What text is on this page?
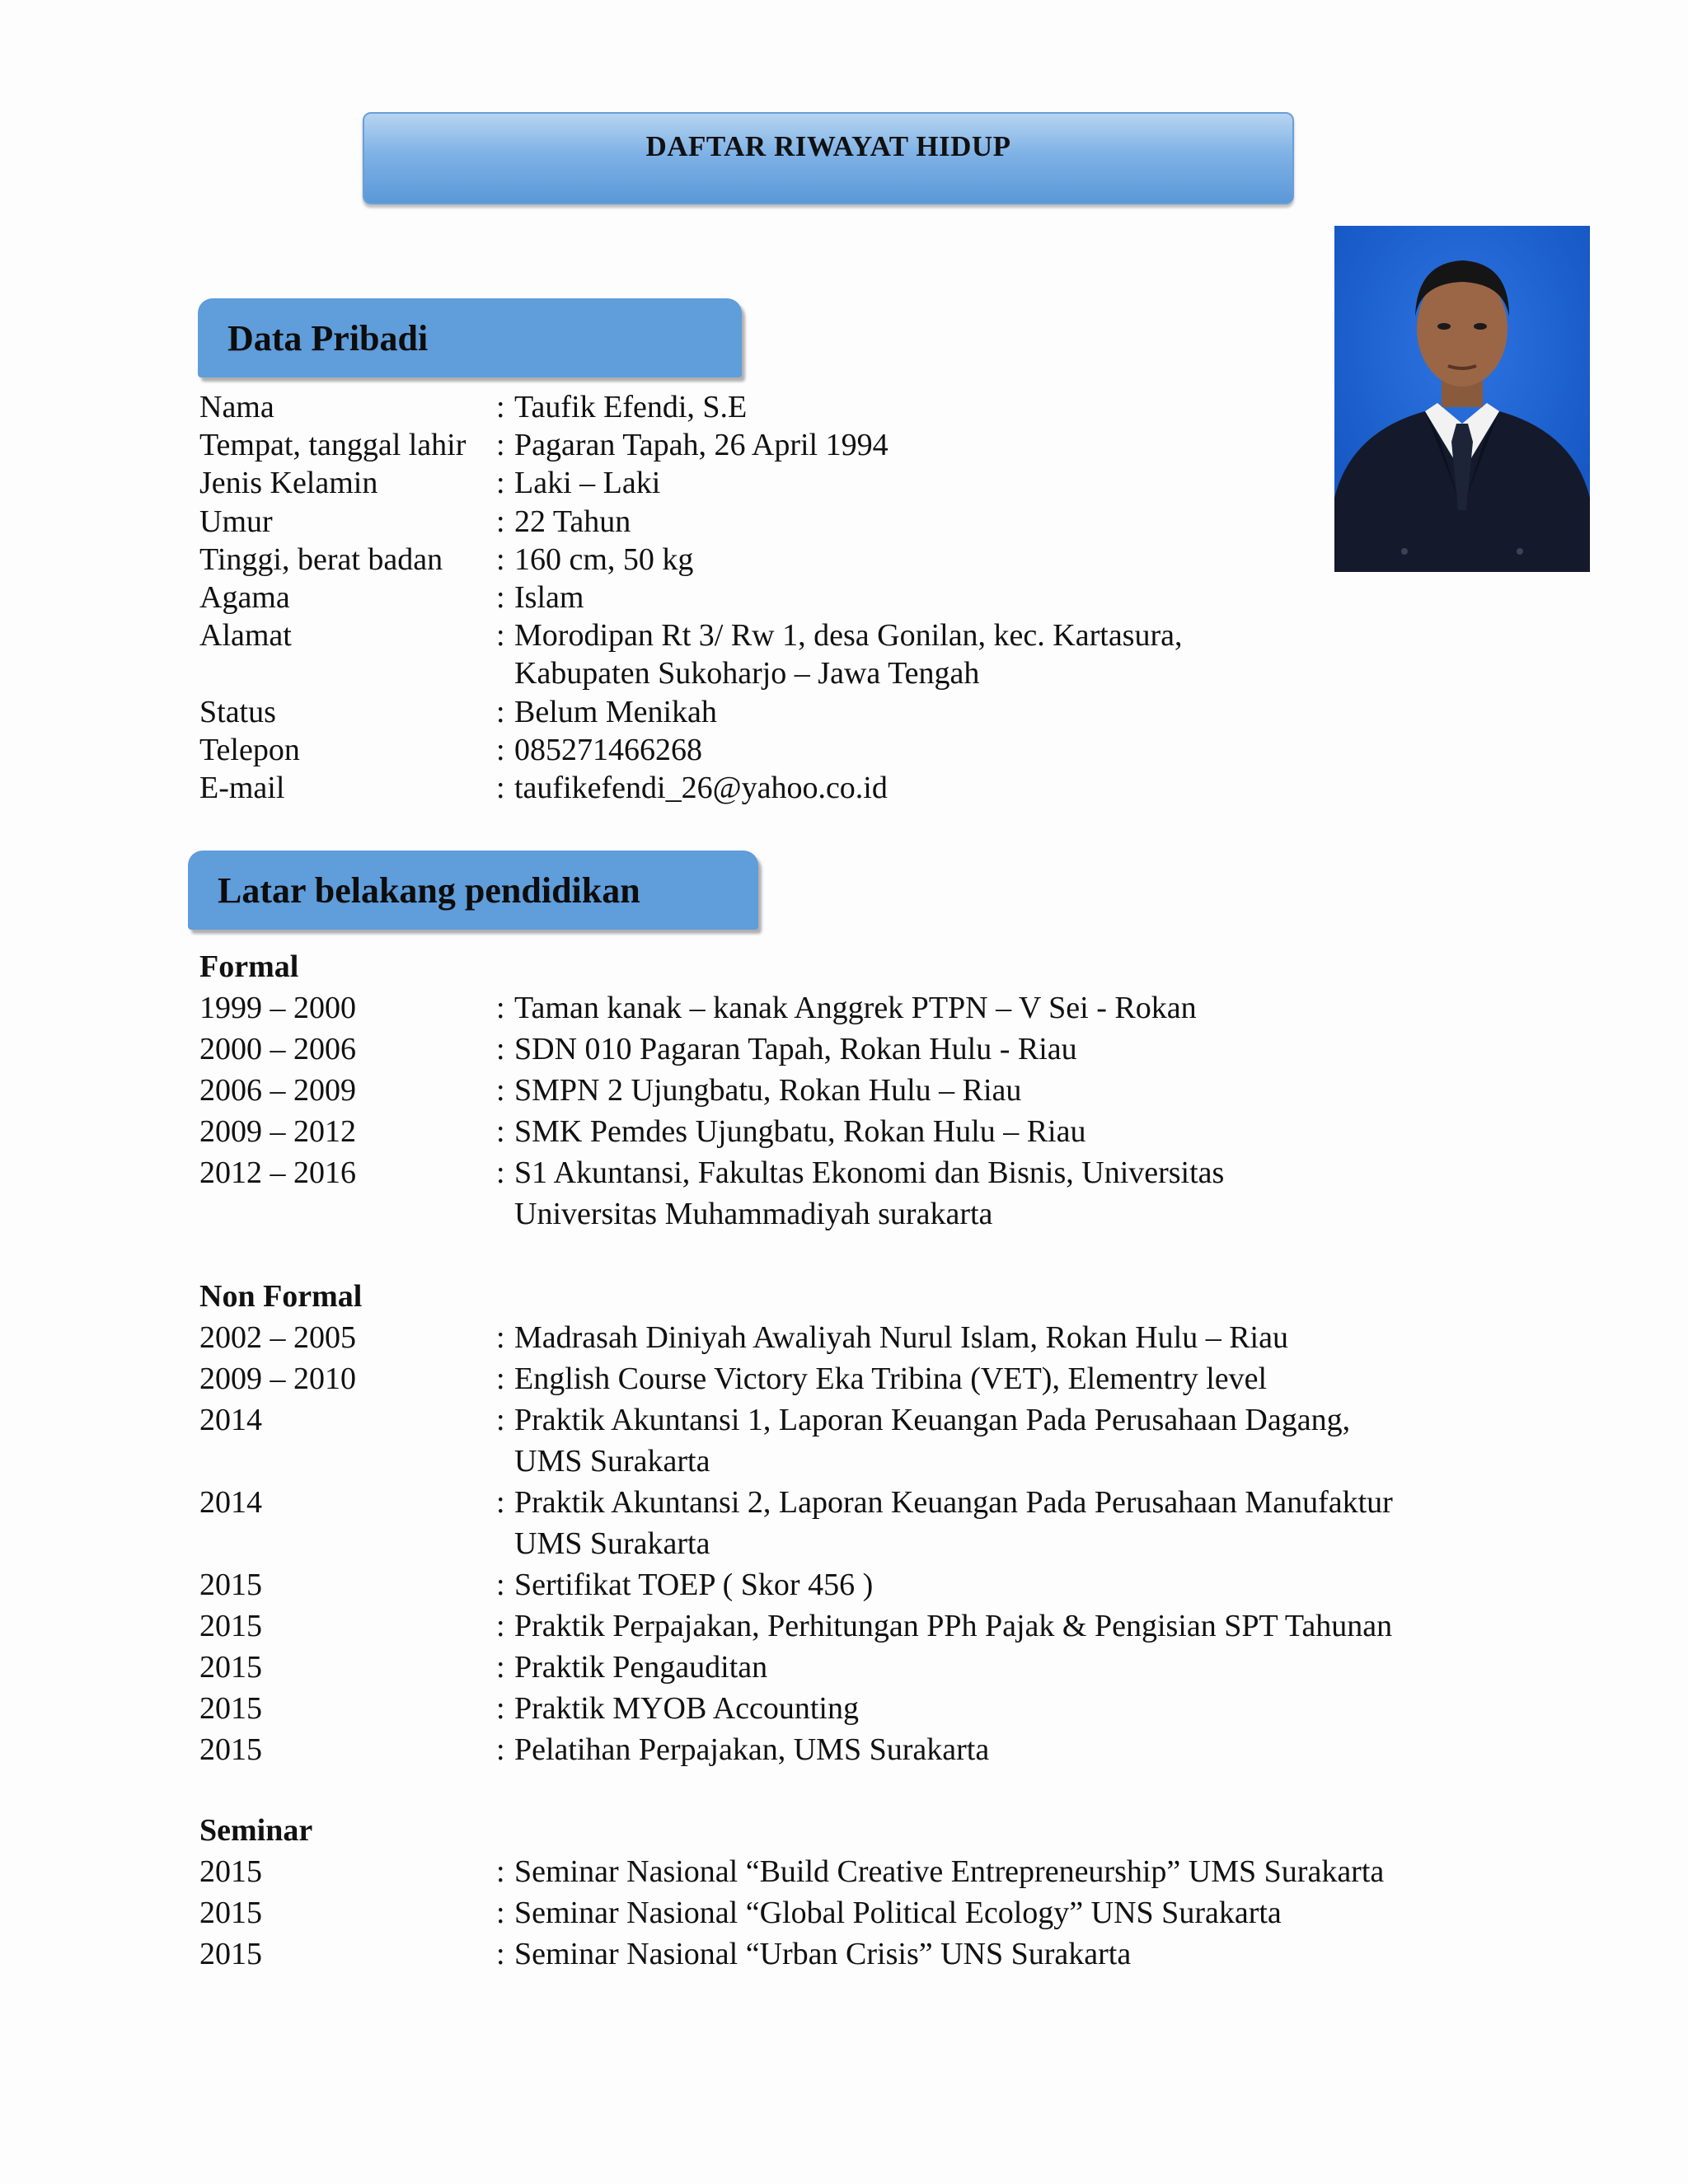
DAFTAR RIWAYAT HIDUP
Data Pribadi
Nama	: Taufik Efendi, S.E
Tempat, tanggal lahir : Pagaran Tapah, 26 April 1994
Jenis Kelamin	: Laki – Laki
Umur	: 22 Tahun
Tinggi, berat badan	: 160 cm, 50 kg
Agama	: Islam
Alamat	: Morodipan Rt 3/ Rw 1, desa Gonilan, kec. Kartasura,
Kabupaten Sukoharjo – Jawa Tengah
Status	: Belum Menikah
Telepon	: 085271466268
E-mail	: taufikefendi_26@yahoo.co.id
Latar belakang pendidikan
Formal
1999 – 2000	: Taman kanak – kanak Anggrek PTPN – V Sei - Rokan
2000 – 2006	: SDN 010 Pagaran Tapah, Rokan Hulu - Riau
2006 – 2009	: SMPN 2 Ujungbatu, Rokan Hulu – Riau
2009 – 2012	: SMK Pemdes Ujungbatu, Rokan Hulu – Riau
2012 – 2016	: S1 Akuntansi, Fakultas Ekonomi dan Bisnis, Universitas
Universitas Muhammadiyah surakarta
Non Formal
2002 – 2005	: Madrasah Diniyah Awaliyah Nurul Islam, Rokan Hulu – Riau
2009 – 2010	: English Course Victory Eka Tribina (VET), Elementry level
2014	: Praktik Akuntansi 1, Laporan Keuangan Pada Perusahaan Dagang,
UMS Surakarta
2014	: Praktik Akuntansi 2, Laporan Keuangan Pada Perusahaan Manufaktur
UMS Surakarta
2015	: Sertifikat TOEP ( Skor 456 )
2015	: Praktik Perpajakan, Perhitungan PPh Pajak & Pengisian SPT Tahunan
2015	: Praktik Pengauditan
2015	: Praktik MYOB Accounting
2015	: Pelatihan Perpajakan, UMS Surakarta
Seminar
2015	: Seminar Nasional “Build Creative Entrepreneurship” UMS Surakarta
2015	: Seminar Nasional “Global Political Ecology” UNS Surakarta
2015	: Seminar Nasional “Urban Crisis” UNS Surakarta
